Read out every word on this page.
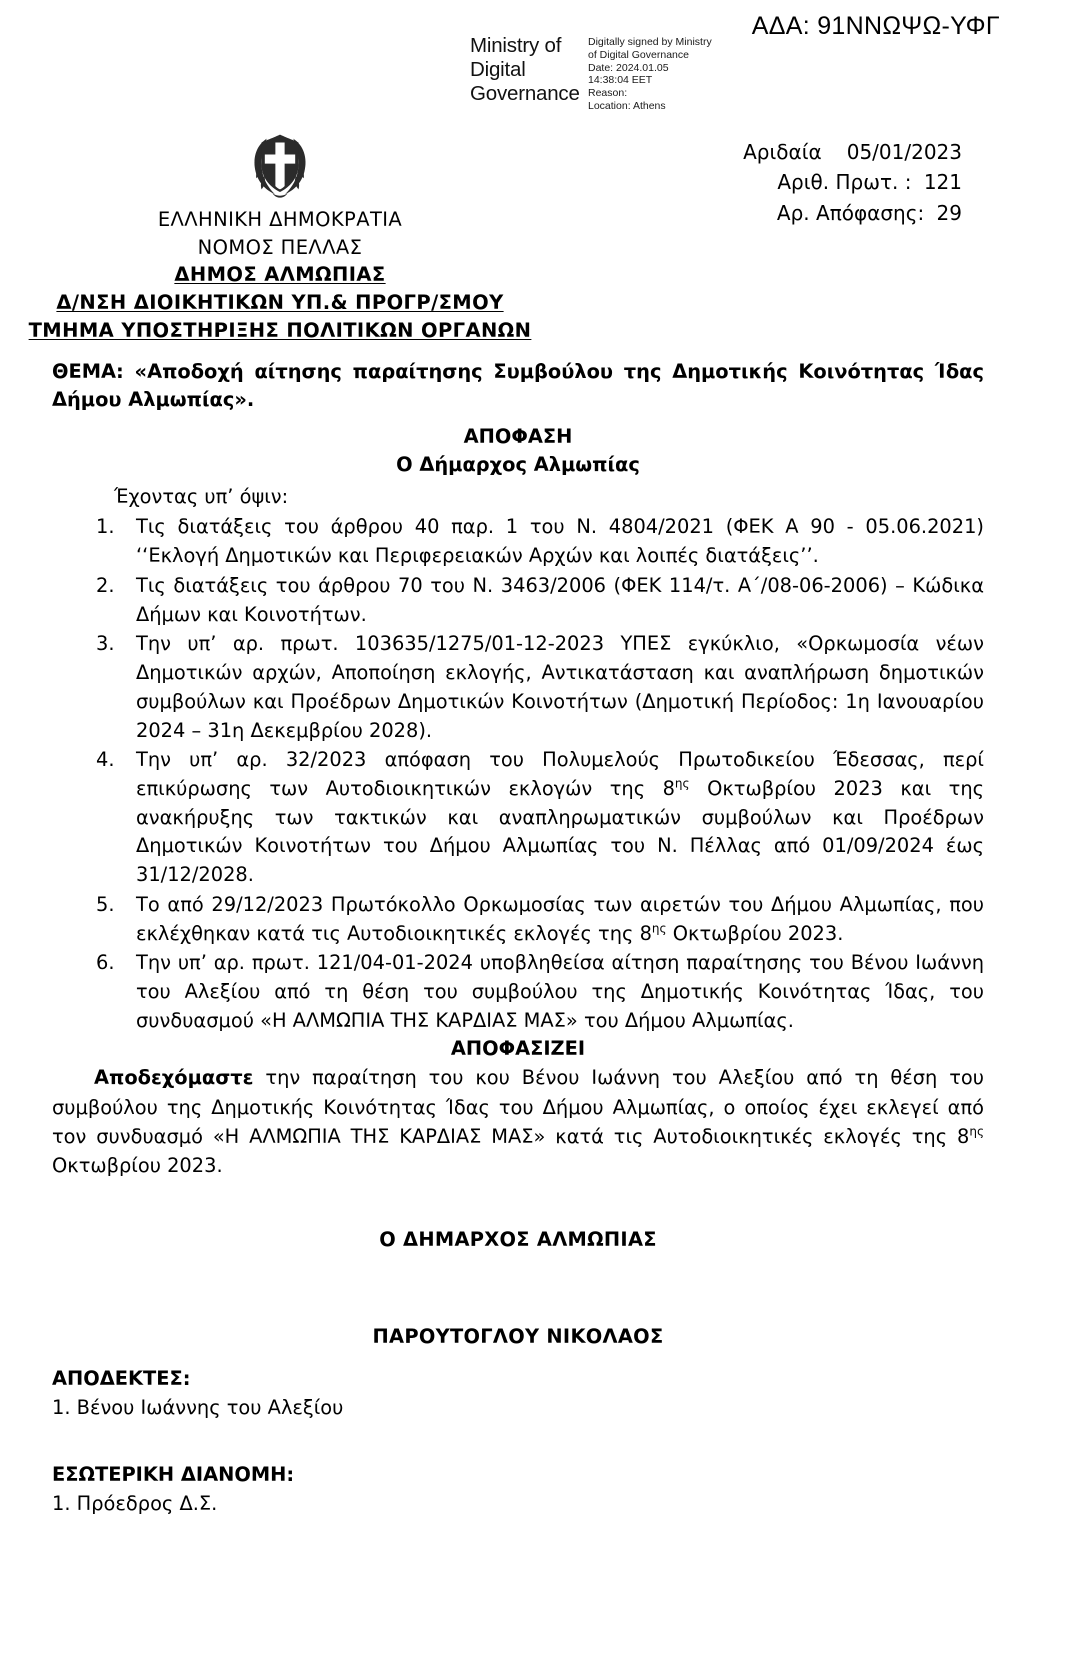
Ministry of Digital Governance
Digitally signed by Ministry
of Digital Governance
Date: 2024.01.05
14:38:04 EET
Reason:
Location: Athens
ΑΔΑ: 91ΝΝΩΨΩ-ΥΦΓ
ΕΛΛΗΝΙΚΗ ΔΗΜΟΚΡΑΤΙΑ
ΝΟΜΟΣ ΠΕΛΛΑΣ
ΔΗΜΟΣ ΑΛΜΩΠΙΑΣ
Δ/ΝΣΗ ΔΙΟΙΚΗΤΙΚΩΝ ΥΠ.& ΠΡΟΓΡ/ΣΜΟΥ
ΤΜΗΜΑ ΥΠΟΣΤΗΡΙΞΗΣ ΠΟΛΙΤΙΚΩΝ ΟΡΓΑΝΩΝ
Αριδαία 05/01/2023
Αριθ. Πρωτ. : 121
Αρ. Απόφασης: 29
ΘΕΜΑ: «Αποδοχή αίτησης παραίτησης Συμβούλου της Δημοτικής Κοινότητας Ίδας Δήμου Αλμωπίας».
ΑΠΟΦΑΣΗ
Ο Δήμαρχος Αλμωπίας
Έχοντας υπ’ όψιν:
Τις διατάξεις του άρθρου 40 παρ. 1 του Ν. 4804/2021 (ΦΕΚ Α 90 - 05.06.2021) ‘‘Εκλογή Δημοτικών και Περιφερειακών Αρχών και λοιπές διατάξεις’’.
Τις διατάξεις του άρθρου 70 του Ν. 3463/2006 (ΦΕΚ 114/τ. Α΄/08-06-2006) – Κώδικα Δήμων και Κοινοτήτων.
Την υπ’ αρ. πρωτ. 103635/1275/01-12-2023 ΥΠΕΣ εγκύκλιο, «Ορκωμοσία νέων Δημοτικών αρχών, Αποποίηση εκλογής, Αντικατάσταση και αναπλήρωση δημοτικών συμβούλων και Προέδρων Δημοτικών Κοινοτήτων (Δημοτική Περίοδος: 1η Ιανουαρίου 2024 – 31η Δεκεμβρίου 2028).
Την υπ’ αρ. 32/2023 απόφαση του Πολυμελούς Πρωτοδικείου Έδεσσας, περί επικύρωσης των Αυτοδιοικητικών εκλογών της $8^{\eta\varsigma}$ Οκτωβρίου 2023 και της ανακήρυξης των τακτικών και αναπληρωματικών συμβούλων και Προέδρων Δημοτικών Κοινοτήτων του Δήμου Αλμωπίας του Ν. Πέλλας από 01/09/2024 έως 31/12/2028.
Το από 29/12/2023 Πρωτόκολλο Ορκωμοσίας των αιρετών του Δήμου Αλμωπίας, που εκλέχθηκαν κατά τις Αυτοδιοικητικές εκλογές της $8^{\eta\varsigma}$ Οκτωβρίου 2023.
Την υπ’ αρ. πρωτ. 121/04-01-2024 υποβληθείσα αίτηση παραίτησης του Βένου Ιωάννη του Αλεξίου από τη θέση του συμβούλου της Δημοτικής Κοινότητας Ίδας, του συνδυασμού «Η ΑΛΜΩΠΙΑ ΤΗΣ ΚΑΡΔΙΑΣ ΜΑΣ» του Δήμου Αλμωπίας.
ΑΠΟΦΑΣΙΖΕΙ
Αποδεχόμαστε την παραίτηση του κου Βένου Ιωάννη του Αλεξίου από τη θέση του συμβούλου της Δημοτικής Κοινότητας Ίδας του Δήμου Αλμωπίας, ο οποίος έχει εκλεγεί από τον συνδυασμό «Η ΑΛΜΩΠΙΑ ΤΗΣ ΚΑΡΔΙΑΣ ΜΑΣ» κατά τις Αυτοδιοικητικές εκλογές της $8^{\eta\varsigma}$ Οκτωβρίου 2023.
Ο ΔΗΜΑΡΧΟΣ ΑΛΜΩΠΙΑΣ
ΠΑΡΟΥΤΟΓΛΟΥ ΝΙΚΟΛΑΟΣ
ΑΠΟΔΕΚΤΕΣ:
1. Βένου Ιωάννης του Αλεξίου
ΕΣΩΤΕΡΙΚΗ ΔΙΑΝΟΜΗ:
1. Πρόεδρος Δ.Σ.
